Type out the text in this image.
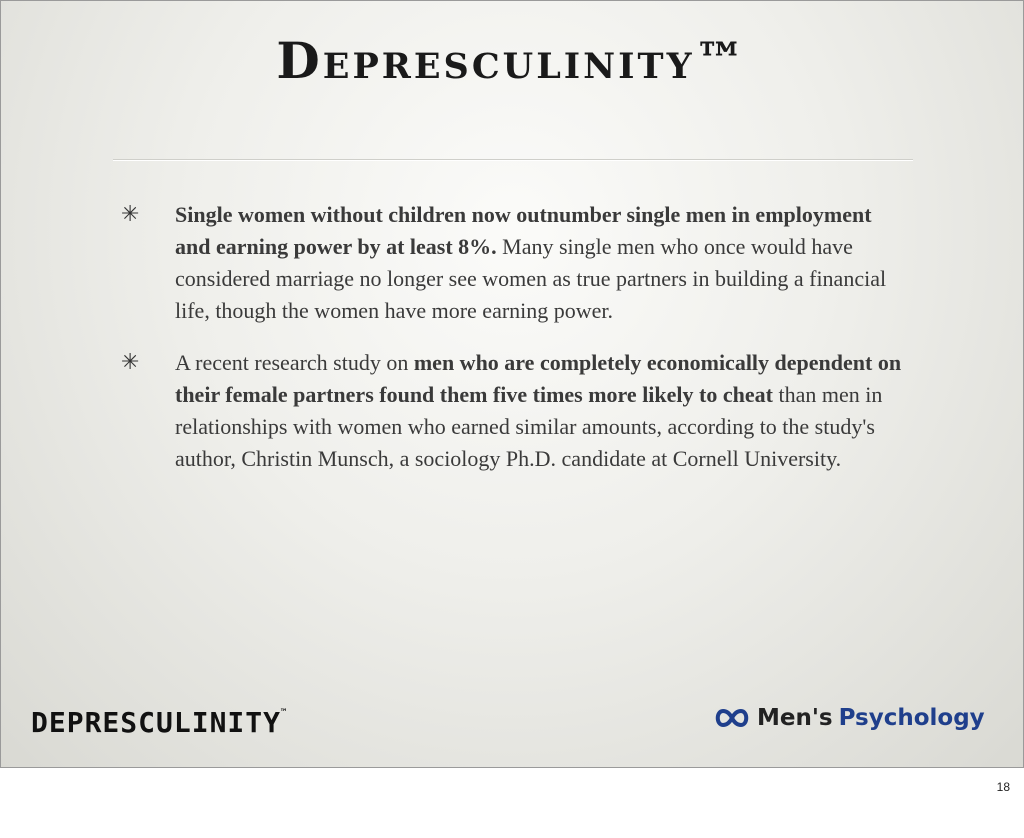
Depresculinity™
✳	Single women without children now outnumber single men in employment and earning power by at least 8%. Many single men who once would have considered marriage no longer see women as true partners in building a financial life, though the women have more earning power.
✳	A recent research study on men who are completely economically dependent on their female partners found them five times more likely to cheat than men in relationships with women who earned similar amounts, according to the study's author, Christin Munsch, a sociology Ph.D. candidate at Cornell University.
DEPRESCULINITY™	Men's Psychology
18
